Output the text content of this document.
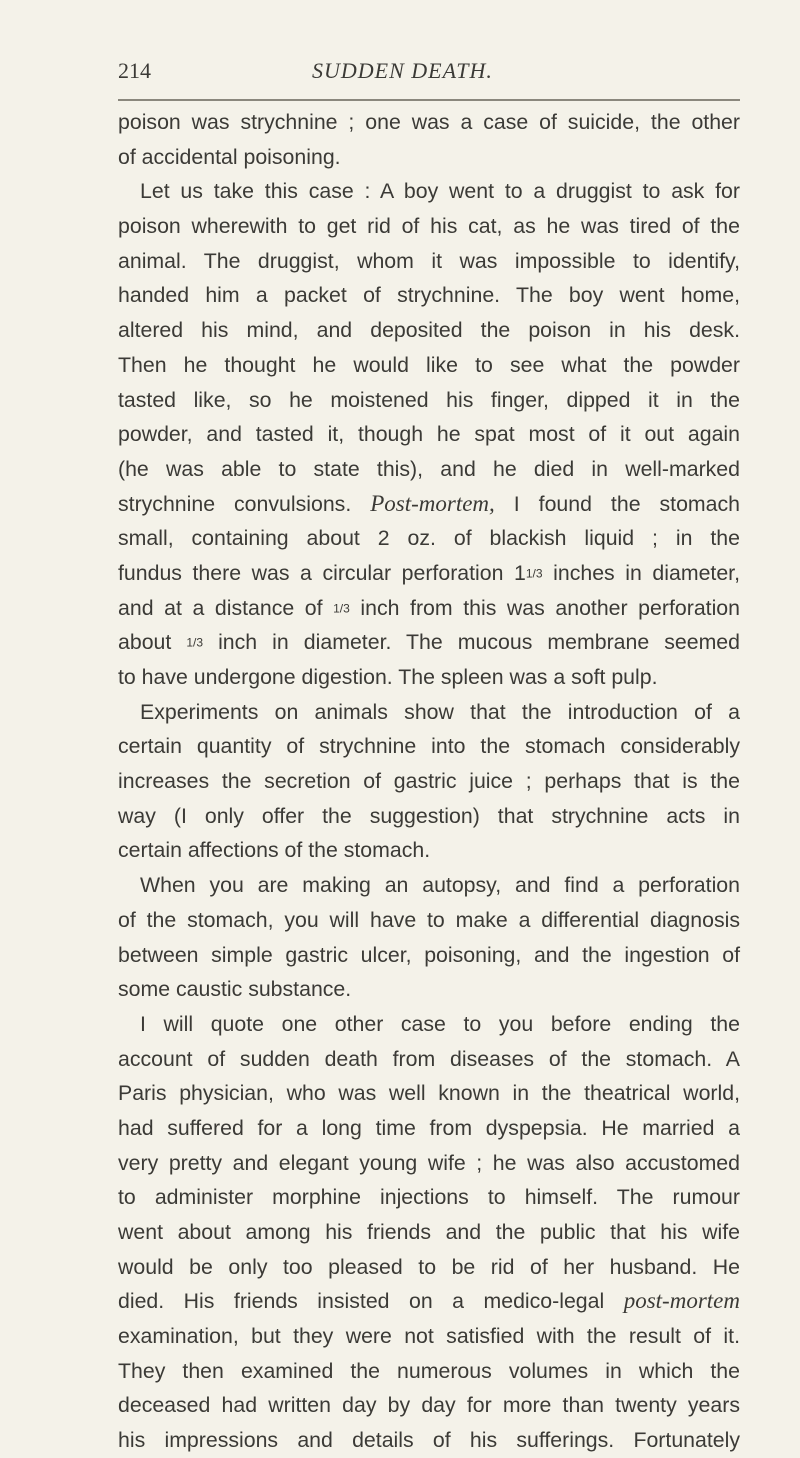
214	SUDDEN DEATH.
poison was strychnine ; one was a case of suicide, the other
of accidental poisoning.
Let us take this case : A boy went to a druggist to ask for
poison wherewith to get rid of his cat, as he was tired of the
animal. The druggist, whom it was impossible to identify,
handed him a packet of strychnine. The boy went home,
altered his mind, and deposited the poison in his desk.
Then he thought he would like to see what the powder
tasted like, so he moistened his finger, dipped it in the
powder, and tasted it, though he spat most of it out again
(he was able to state this), and he died in well-marked
strychnine convulsions. Post-mortem, I found the stomach
small, containing about 2 oz. of blackish liquid ; in the
fundus there was a circular perforation 11/3 inches in diameter,
and at a distance of 1/3 inch from this was another perforation
about 1/3 inch in diameter. The mucous membrane seemed
to have undergone digestion. The spleen was a soft pulp.
Experiments on animals show that the introduction of a
certain quantity of strychnine into the stomach considerably
increases the secretion of gastric juice ; perhaps that is the
way (I only offer the suggestion) that strychnine acts in
certain affections of the stomach.
When you are making an autopsy, and find a perforation
of the stomach, you will have to make a differential diagnosis
between simple gastric ulcer, poisoning, and the ingestion of
some caustic substance.
I will quote one other case to you before ending the
account of sudden death from diseases of the stomach. A
Paris physician, who was well known in the theatrical world,
had suffered for a long time from dyspepsia. He married a
very pretty and elegant young wife ; he was also accustomed
to administer morphine injections to himself. The rumour
went about among his friends and the public that his wife
would be only too pleased to be rid of her husband. He
died. His friends insisted on a medico-legal post-mortem
examination, but they were not satisfied with the result of it.
They then examined the numerous volumes in which the
deceased had written day by day for more than twenty years
his impressions and details of his sufferings. Fortunately
